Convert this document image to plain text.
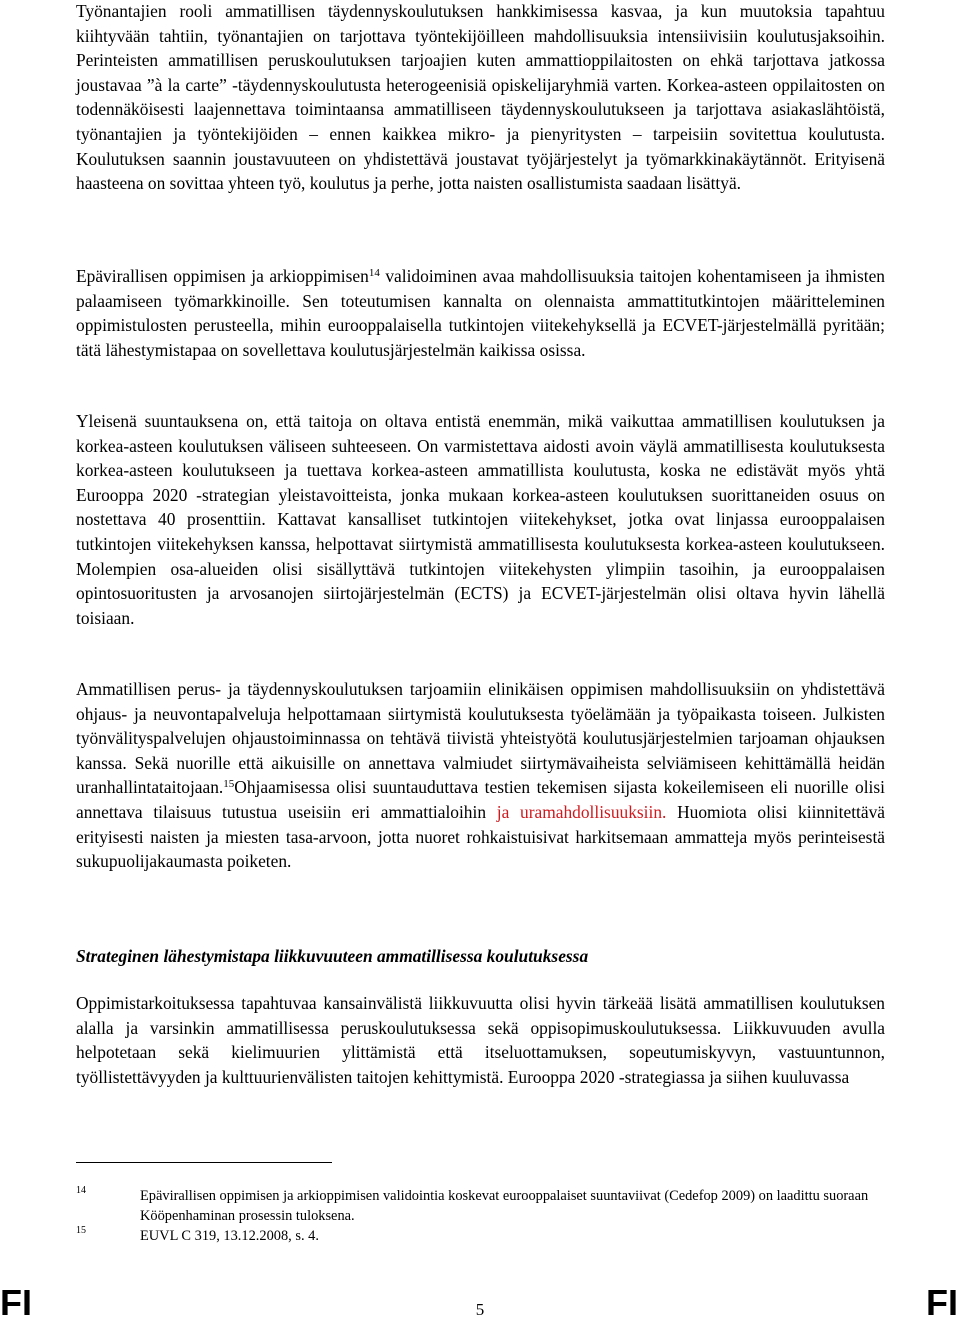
Työnantajien rooli ammatillisen täydennyskoulutuksen hankkimisessa kasvaa, ja kun muutoksia tapahtuu kiihtyvään tahtiin, työnantajien on tarjottava työntekijöilleen mahdollisuuksia intensiivisiin koulutusjaksoihin. Perinteisten ammatillisen peruskoulutuksen tarjoajien kuten ammattioppilaitosten on ehkä tarjottava jatkossa joustavaa ”à la carte” -täydennyskoulutusta heterogeenisiä opiskelijaryhmiä varten. Korkea-asteen oppilaitosten on todennäköisesti laajennettava toimintaansa ammatilliseen täydennyskoulutukseen ja tarjottava asiakaslähtöistä, työnantajien ja työntekijöiden – ennen kaikkea mikro- ja pienyritysten – tarpeisiin sovitettua koulutusta. Koulutuksen saannin joustavuuteen on yhdistettävä joustavat työjärjestelyt ja työmarkkinakäytännöt. Erityisenä haasteena on sovittaa yhteen työ, koulutus ja perhe, jotta naisten osallistumista saadaan lisättyä.

Epävirallisen oppimisen ja arkioppimisen$^{14}$ validoiminen avaa mahdollisuuksia taitojen kohentamiseen ja ihmisten palaamiseen työmarkkinoille. Sen toteutumisen kannalta on olennaista ammattitutkintojen määritteleminen oppimistulosten perusteella, mihin eurooppalaisella tutkintojen viitekehyksellä ja ECVET-järjestelmällä pyritään; tätä lähestymistapaa on sovellettava koulutusjärjestelmän kaikissa osissa.

Yleisenä suuntauksena on, että taitoja on oltava entistä enemmän, mikä vaikuttaa ammatillisen koulutuksen ja korkea-asteen koulutuksen väliseen suhteeseen. On varmistettava aidosti avoin väylä ammatillisesta koulutuksesta korkea-asteen koulutukseen ja tuettava korkea-asteen ammatillista koulutusta, koska ne edistävät myös yhtä Eurooppa 2020 -strategian yleistavoitteista, jonka mukaan korkea-asteen koulutuksen suorittaneiden osuus on nostettava 40 prosenttiin. Kattavat kansalliset tutkintojen viitekehykset, jotka ovat linjassa eurooppalaisen tutkintojen viitekehyksen kanssa, helpottavat siirtymistä ammatillisesta koulutuksesta korkea-asteen koulutukseen. Molempien osa-alueiden olisi sisällyttävä tutkintojen viitekehysten ylimpiin tasoihin, ja eurooppalaisen opintosuoritusten ja arvosanojen siirtojärjestelmän (ECTS) ja ECVET-järjestelmän olisi oltava hyvin lähellä toisiaan.

Ammatillisen perus- ja täydennyskoulutuksen tarjoamiin elinikäisen oppimisen mahdollisuuksiin on yhdistettävä ohjaus- ja neuvontapalveluja helpottamaan siirtymistä koulutuksesta työelämään ja työpaikasta toiseen. Julkisten työnvälityspalvelujen ohjaustoiminnassa on tehtävä tiivistä yhteistyötä koulutusjärjestelmien tarjoaman ohjauksen kanssa. Sekä nuorille että aikuisille on annettava valmiudet siirtymävaiheista selviämiseen kehittämällä heidän uranhallintataitojaan.$^{15}$Ohjaamisessa olisi suuntauduttava testien tekemisen sijasta kokeilemiseen eli nuorille olisi annettava tilaisuus tutustua useisiin eri ammattialoihin ja uramahdollisuuksiin. Huomiota olisi kiinnitettävä erityisesti naisten ja miesten tasa-arvoon, jotta nuoret rohkaistuisivat harkitsemaan ammatteja myös perinteisestä sukupuolijakaumasta poiketen.

Strateginen lähestymistapa liikkuvuuteen ammatillisessa koulutuksessa

Oppimistarkoituksessa tapahtuvaa kansainvälistä liikkuvuutta olisi hyvin tärkeää lisätä ammatillisen koulutuksen alalla ja varsinkin ammatillisessa peruskoulutuksessa sekä oppisopimuskoulutuksessa. Liikkuvuuden avulla helpotetaan sekä kielimuurien ylittämistä että itseluottamuksen, sopeutumiskyvyn, vastuuntunnon, työllistettävyyden ja kulttuurienvälisten taitojen kehittymistä. Eurooppa 2020 -strategiassa ja siihen kuuluvassa

14	Epävirallisen oppimisen ja arkioppimisen validointia koskevat eurooppalaiset suuntaviivat (Cedefop 2009) on laadittu suoraan Kööpenhaminan prosessin tuloksena.
15	EUVL C 319, 13.12.2008, s. 4.
FI	5	FI
